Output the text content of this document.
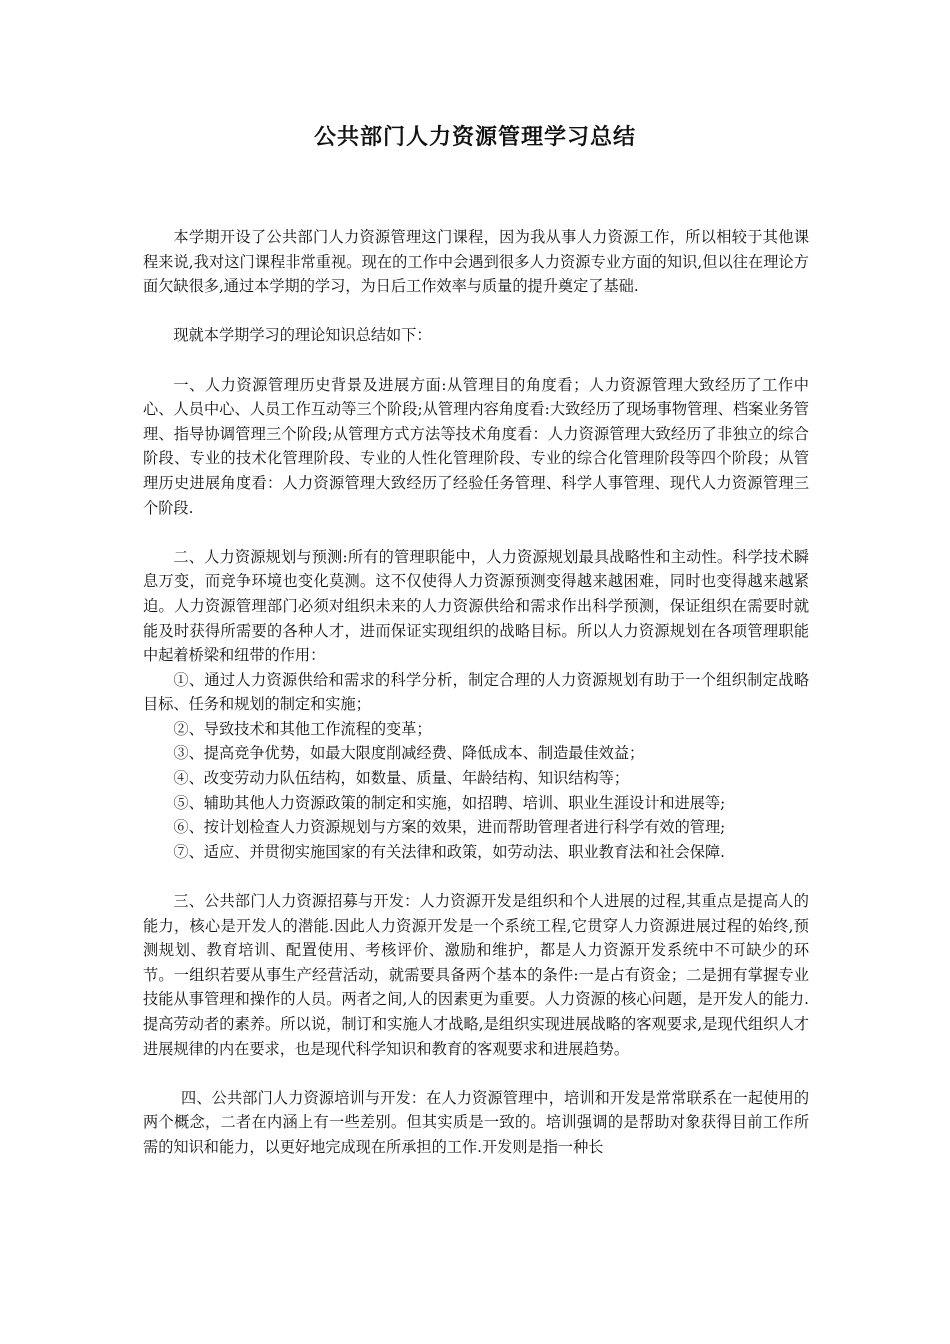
公共部门人力资源管理学习总结

本学期开设了公共部门人力资源管理这门课程，因为我从事人力资源工作，所以相较于其他课程来说,我对这门课程非常重视。现在的工作中会遇到很多人力资源专业方面的知识,但以往在理论方面欠缺很多,通过本学期的学习，为日后工作效率与质量的提升奠定了基础.

现就本学期学习的理论知识总结如下：

一、人力资源管理历史背景及进展方面:从管理目的角度看；人力资源管理大致经历了工作中心、人员中心、人员工作互动等三个阶段;从管理内容角度看:大致经历了现场事物管理、档案业务管理、指导协调管理三个阶段;从管理方式方法等技术角度看：人力资源管理大致经历了非独立的综合阶段、专业的技术化管理阶段、专业的人性化管理阶段、专业的综合化管理阶段等四个阶段；从管理历史进展角度看：人力资源管理大致经历了经验任务管理、科学人事管理、现代人力资源管理三个阶段.

二、人力资源规划与预测:所有的管理职能中，人力资源规划最具战略性和主动性。科学技术瞬息万变，而竞争环境也变化莫测。这不仅使得人力资源预测变得越来越困难，同时也变得越来越紧迫。人力资源管理部门必须对组织未来的人力资源供给和需求作出科学预测，保证组织在需要时就能及时获得所需要的各种人才，进而保证实现组织的战略目标。所以人力资源规划在各项管理职能中起着桥梁和纽带的作用：

①、通过人力资源供给和需求的科学分析，制定合理的人力资源规划有助于一个组织制定战略目标、任务和规划的制定和实施；

②、导致技术和其他工作流程的变革；

③、提高竞争优势，如最大限度削减经费、降低成本、制造最佳效益；

④、改变劳动力队伍结构，如数量、质量、年龄结构、知识结构等；

⑤、辅助其他人力资源政策的制定和实施，如招聘、培训、职业生涯设计和进展等;

⑥、按计划检查人力资源规划与方案的效果，进而帮助管理者进行科学有效的管理;

⑦、适应、并贯彻实施国家的有关法律和政策，如劳动法、职业教育法和社会保障.

三、公共部门人力资源招募与开发：人力资源开发是组织和个人进展的过程,其重点是提高人的能力，核心是开发人的潜能.因此人力资源开发是一个系统工程,它贯穿人力资源进展过程的始终,预测规划、教育培训、配置使用、考核评价、激励和维护，都是人力资源开发系统中不可缺少的环节。一组织若要从事生产经营活动，就需要具备两个基本的条件:一是占有资金；二是拥有掌握专业技能从事管理和操作的人员。两者之间,人的因素更为重要。人力资源的核心问题，是开发人的能力.提高劳动者的素养。所以说，制订和实施人才战略,是组织实现进展战略的客观要求,是现代组织人才进展规律的内在要求，也是现代科学知识和教育的客观要求和进展趋势。

四、公共部门人力资源培训与开发：在人力资源管理中，培训和开发是常常联系在一起使用的两个概念，二者在内涵上有一些差别。但其实质是一致的。培训强调的是帮助对象获得目前工作所需的知识和能力，以更好地完成现在所承担的工作.开发则是指一种长
